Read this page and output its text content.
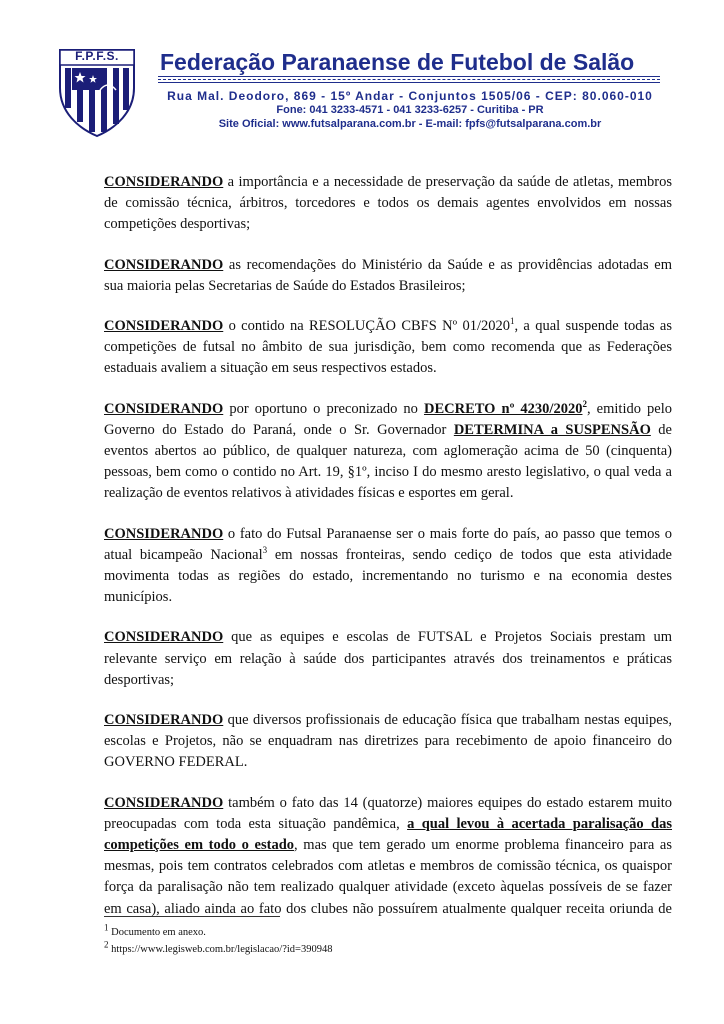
F.P.F.S.	Federação Paranaense de Futebol de Salão
Rua Mal. Deodoro, 869 - 15º Andar - Conjuntos 1505/06 - CEP: 80.060-010
Fone: 041 3233-4571 - 041 3233-6257 - Curitiba - PR
Site Oficial: www.futsalparana.com.br - E-mail: fpfs@futsalparana.com.br
CONSIDERANDO a importância e a necessidade de preservação da saúde de atletas, membros
de comissão técnica, árbitros, torcedores e todos os demais agentes envolvidos em nossas
competições desportivas;
CONSIDERANDO as recomendações do Ministério da Saúde e as providências adotadas em
sua maioria pelas Secretarias de Saúde do Estados Brasileiros;
CONSIDERANDO o contido na RESOLUÇÃO CBFS Nº 01/2020$^1$, a qual suspende todas as
competições de futsal no âmbito de sua jurisdição, bem como recomenda que as Federações
estaduais avaliem a situação em seus respectivos estados.
CONSIDERANDO por oportuno o preconizado no DECRETO nº 4230/2020$^2$, emitido pelo
Governo do Estado do Paraná, onde o Sr. Governador DETERMINA a SUSPENSÃO de
eventos abertos ao público, de qualquer natureza, com aglomeração acima de 50 (cinquenta)
pessoas, bem como o contido no Art. 19, §1º, inciso I do mesmo aresto legislativo, o qual veda a
realização de eventos relativos à atividades físicas e esportes em geral.
CONSIDERANDO o fato do Futsal Paranaense ser o mais forte do país, ao passo que temos o
atual bicampeão Nacional$^3$ em nossas fronteiras, sendo cediço de todos que esta atividade
movimenta todas as regiões do estado, incrementando no turismo e na economia destes
municípios.
CONSIDERANDO que as equipes e escolas de FUTSAL e Projetos Sociais prestam um
relevante serviço em relação à saúde dos participantes através dos treinamentos e práticas
desportivas;
CONSIDERANDO que diversos profissionais de educação física que trabalham nestas equipes,
escolas e Projetos, não se enquadram nas diretrizes para recebimento de apoio financeiro do
GOVERNO FEDERAL.
CONSIDERANDO também o fato das 14 (quatorze) maiores equipes do estado estarem muito
preocupadas com toda esta situação pandêmica, a qual levou à acertada paralisação das
competições em todo o estado, mas que tem gerado um enorme problema financeiro para as
mesmas, pois tem contratos celebrados com atletas e membros de comissão técnica, os quaispor
força da paralisação não tem realizado qualquer atividade (exceto àquelas possíveis de se fazer
em casa), aliado ainda ao fato dos clubes não possuírem atualmente qualquer receita oriunda de
$^1$ Documento em anexo.
$^2$ https://www.legisweb.com.br/legislacao/?id=390948
